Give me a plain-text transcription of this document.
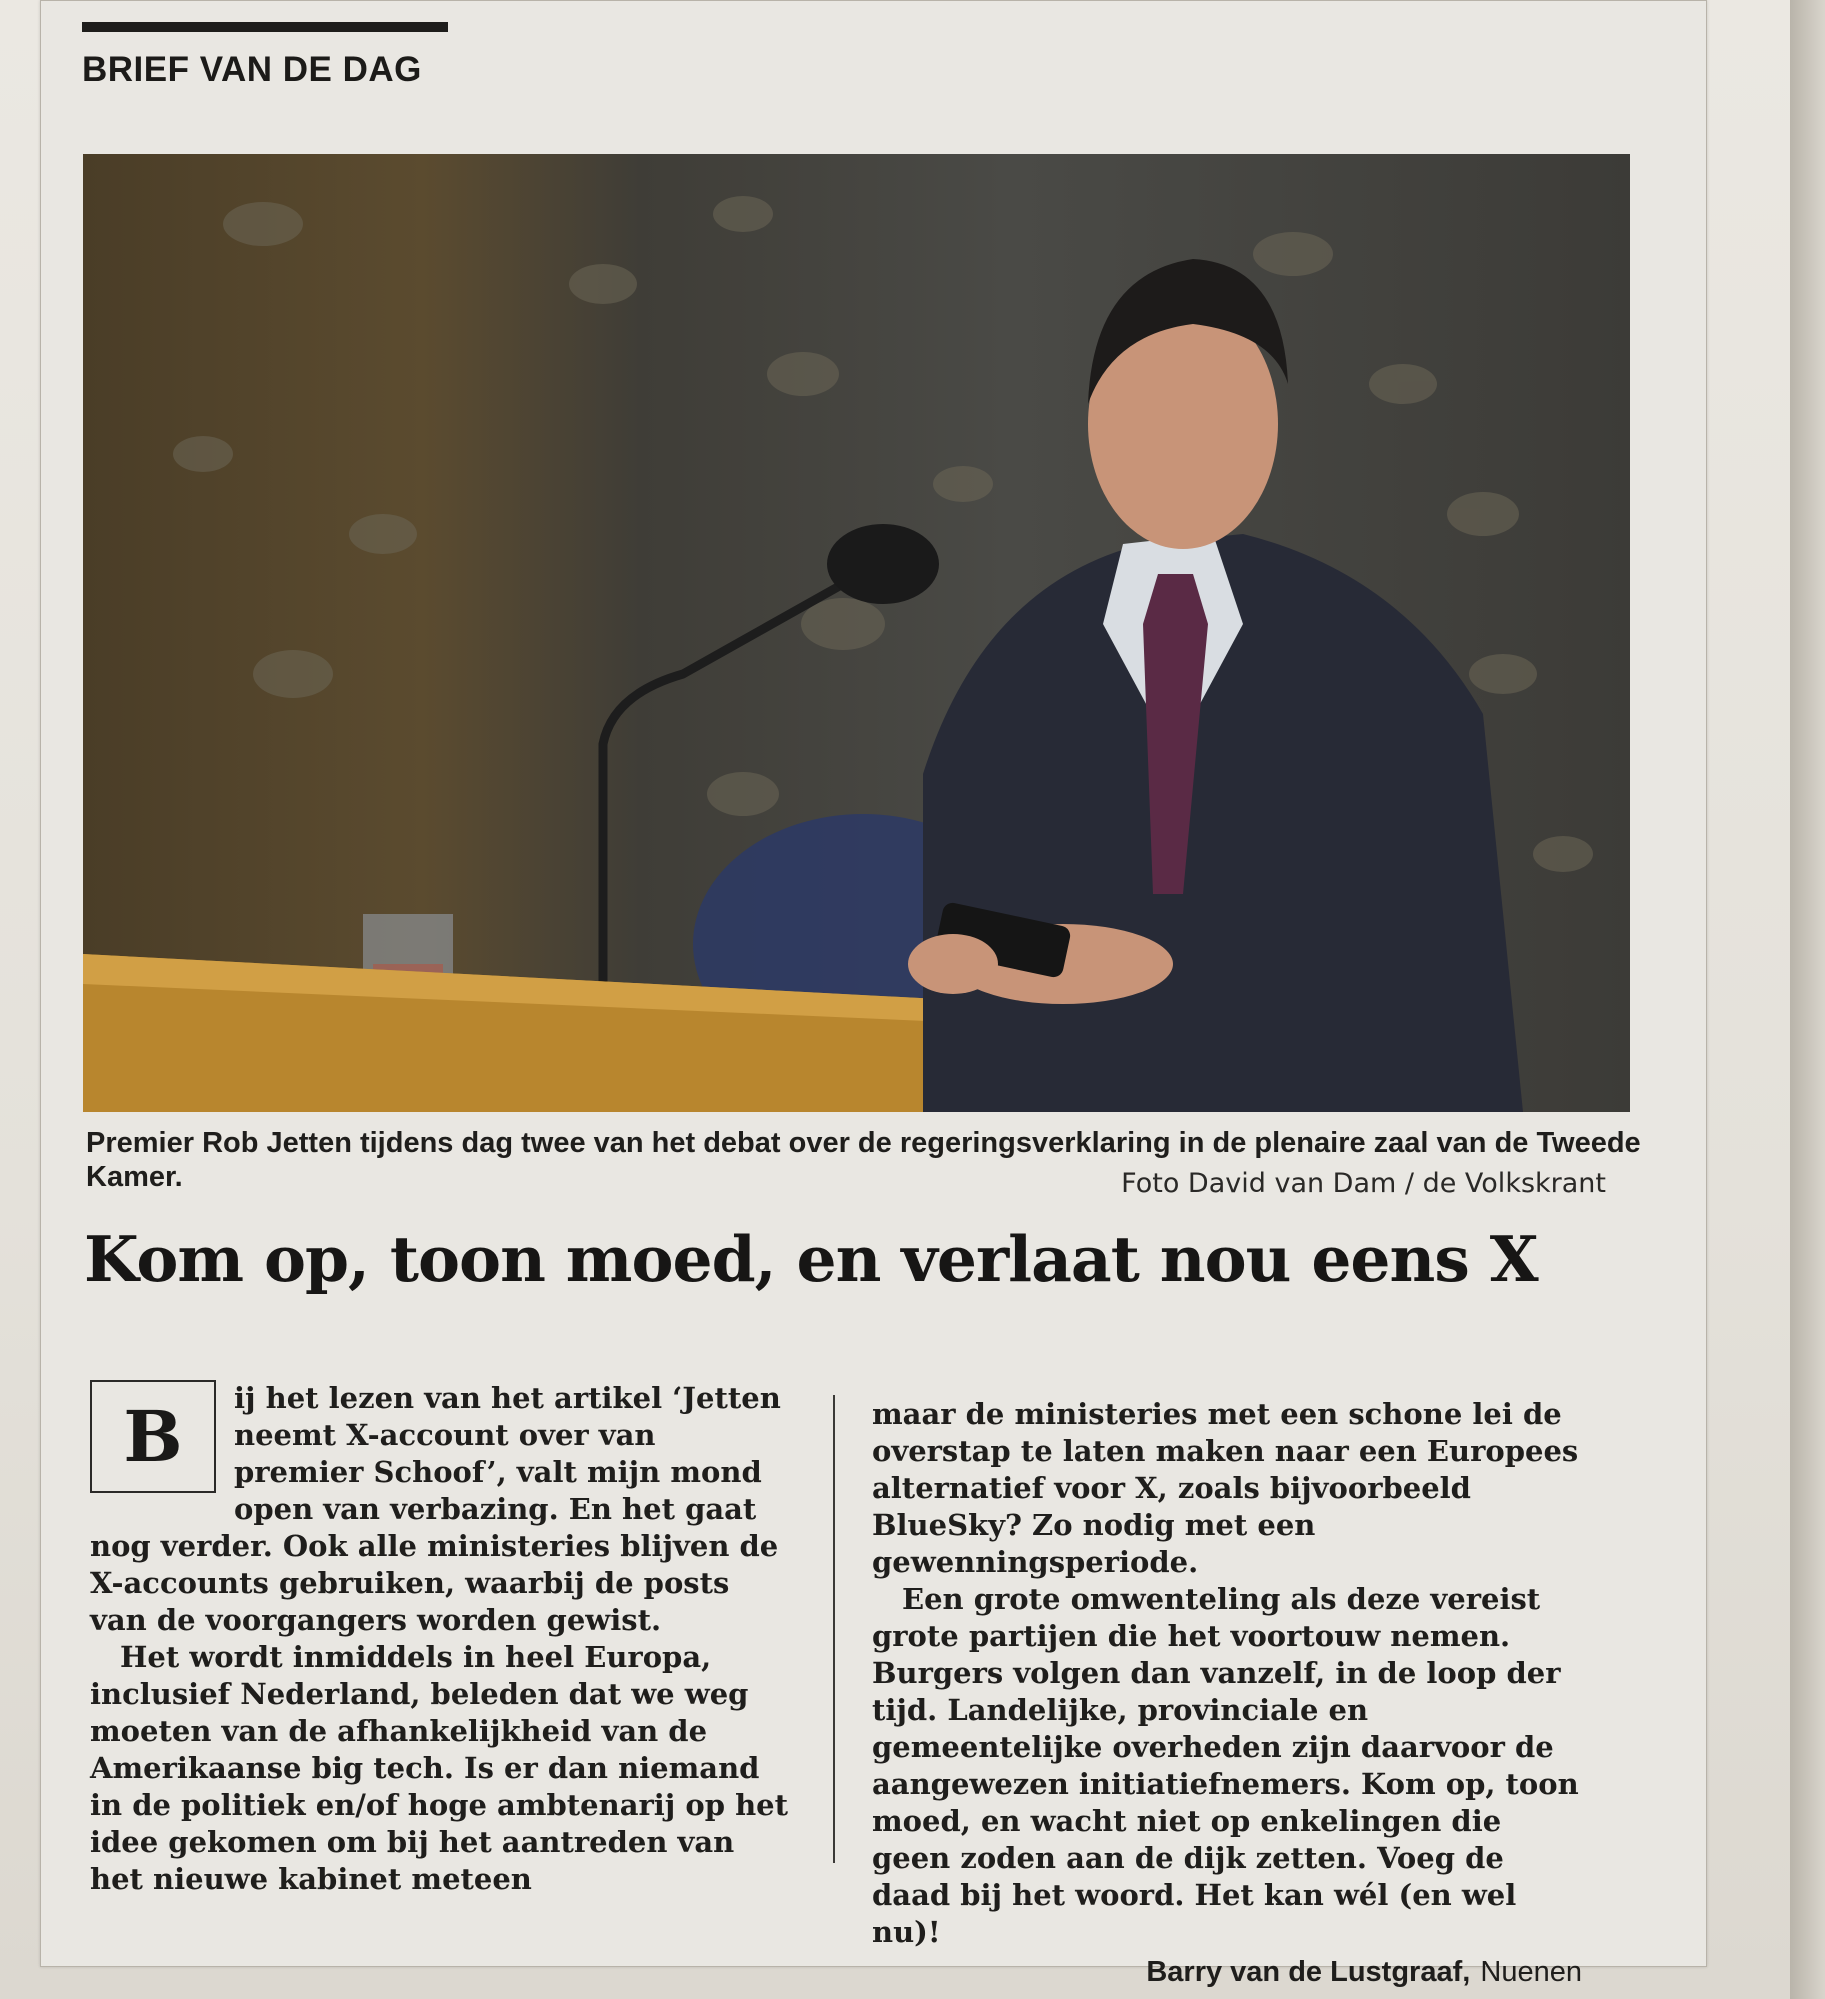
BRIEF VAN DE DAG
Premier Rob Jetten tijdens dag twee van het debat over de regeringsverklaring in de plenaire zaal van de Tweede Kamer.	Foto David van Dam / de Volkskrant
Kom op, toon moed, en verlaat nou eens X
B	ij het lezen van het artikel ‘Jetten neemt X-account over van premier Schoof’, valt mijn mond open van verbazing. En het gaat nog verder. Ook alle ministeries blijven de X-accounts gebruiken, waarbij de posts van de voorgangers worden gewist.

Het wordt inmiddels in heel Europa, inclusief Nederland, beleden dat we weg moeten van de afhankelijkheid van de Amerikaanse big tech. Is er dan niemand in de politiek en/of hoge ambtenarij op het idee gekomen om bij het aantreden van het nieuwe kabinet meteen

maar de ministeries met een schone lei de overstap te laten maken naar een Europees alternatief voor X, zoals bijvoorbeeld BlueSky? Zo nodig met een gewenningsperiode.

Een grote omwenteling als deze vereist grote partijen die het voortouw nemen. Burgers volgen dan vanzelf, in de loop der tijd. Landelijke, provinciale en gemeentelijke overheden zijn daarvoor de aangewezen initiatiefnemers. Kom op, toon moed, en wacht niet op enkelingen die geen zoden aan de dijk zetten. Voeg de daad bij het woord. Het kan wél (en wel nu)!

Barry van de Lustgraaf, Nuenen
